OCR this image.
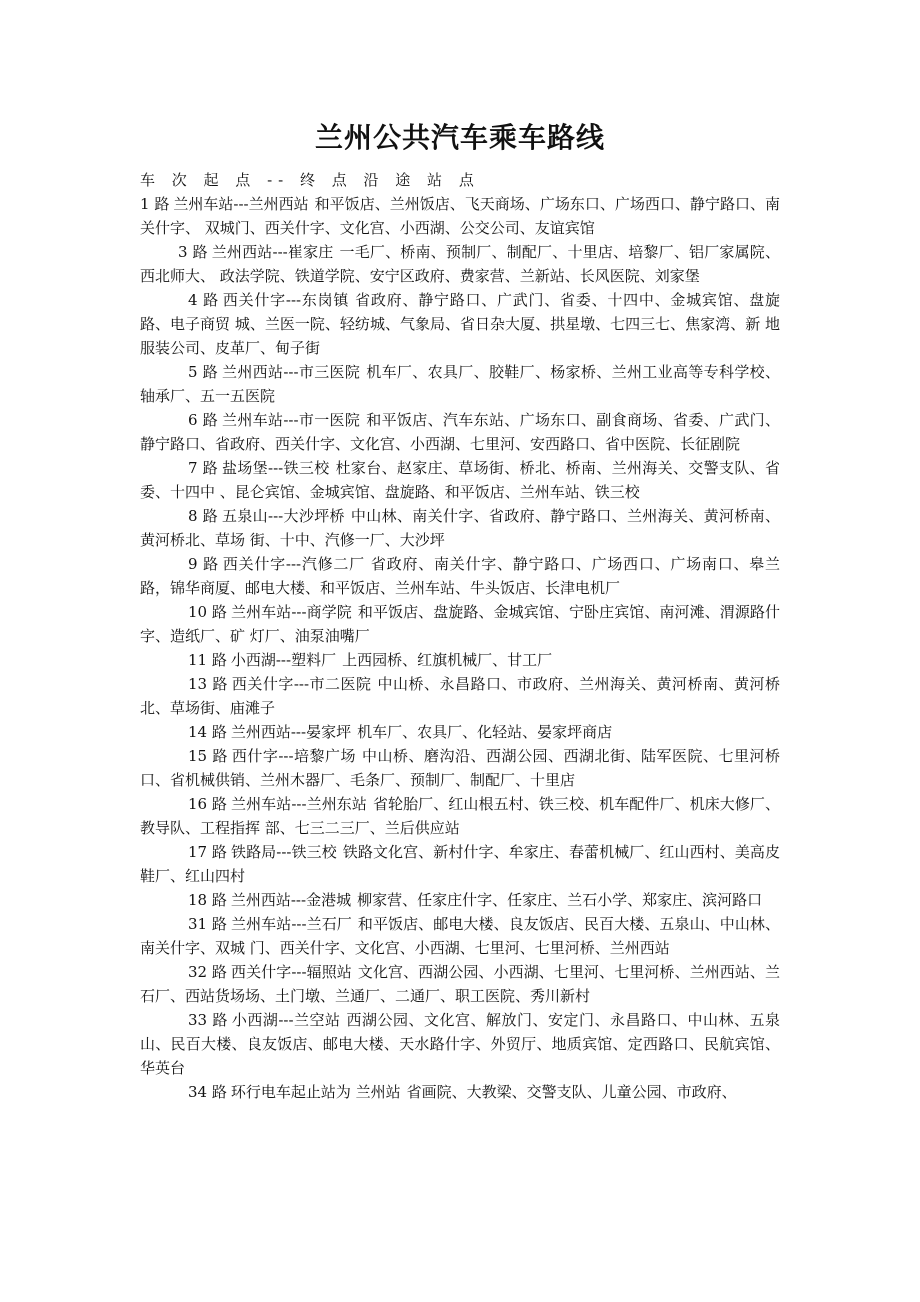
兰州公共汽车乘车路线

车 次 起 点 -- 终 点 沿 途 站 点

1 路 兰州车站---兰州西站 和平饭店、兰州饭店、飞天商场、广场东口、广场西口、静宁路口、南关什字、 双城门、西关什字、文化宫、小西湖、公交公司、友谊宾馆

3 路 兰州西站---崔家庄 一毛厂、桥南、预制厂、制配厂、十里店、培黎厂、铝厂家属院、西北师大、 政法学院、铁道学院、安宁区政府、费家营、兰新站、长风医院、刘家堡

4 路 西关什字---东岗镇 省政府、静宁路口、广武门、省委、十四中、金城宾馆、盘旋路、电子商贸 城、兰医一院、轻纺城、气象局、省日杂大厦、拱星墩、七四三七、焦家湾、新 地服装公司、皮革厂、甸子街

5 路 兰州西站---市三医院 机车厂、农具厂、胶鞋厂、杨家桥、兰州工业高等专科学校、轴承厂、五一五医院

6 路 兰州车站---市一医院 和平饭店、汽车东站、广场东口、副食商场、省委、广武门、静宁路口、省政府、西关什字、文化宫、小西湖、七里河、安西路口、省中医院、长征剧院

7 路 盐场堡---铁三校 杜家台、赵家庄、草场街、桥北、桥南、兰州海关、交警支队、省委、十四中 、昆仑宾馆、金城宾馆、盘旋路、和平饭店、兰州车站、铁三校

8 路 五泉山---大沙坪桥 中山林、南关什字、省政府、静宁路口、兰州海关、黄河桥南、黄河桥北、草场 街、十中、汽修一厂、大沙坪

9 路 西关什字---汽修二厂 省政府、南关什字、静宁路口、广场西口、广场南口、皋兰路，锦华商厦、邮电大楼、和平饭店、兰州车站、牛头饭店、长津电机厂

10 路 兰州车站---商学院 和平饭店、盘旋路、金城宾馆、宁卧庄宾馆、南河滩、渭源路什字、造纸厂、矿 灯厂、油泵油嘴厂

11 路 小西湖---塑料厂 上西园桥、红旗机械厂、甘工厂

13 路 西关什字---市二医院 中山桥、永昌路口、市政府、兰州海关、黄河桥南、黄河桥北、草场街、庙滩子

14 路 兰州西站---晏家坪 机车厂、农具厂、化轻站、晏家坪商店

15 路 西什字---培黎广场 中山桥、磨沟沿、西湖公园、西湖北街、陆军医院、七里河桥口、省机械供销、兰州木器厂、毛条厂、预制厂、制配厂、十里店

16 路 兰州车站---兰州东站 省轮胎厂、红山根五村、铁三校、机车配件厂、机床大修厂、教导队、工程指挥 部、七三二三厂、兰后供应站

17 路 铁路局---铁三校 铁路文化宫、新村什字、牟家庄、春蕾机械厂、红山西村、美高皮鞋厂、红山四村

18 路 兰州西站---金港城 柳家营、任家庄什字、任家庄、兰石小学、郑家庄、滨河路口

31 路 兰州车站---兰石厂 和平饭店、邮电大楼、良友饭店、民百大楼、五泉山、中山林、南关什字、双城 门、西关什字、文化宫、小西湖、七里河、七里河桥、兰州西站

32 路 西关什字---辐照站 文化宫、西湖公园、小西湖、七里河、七里河桥、兰州西站、兰石厂、西站货场场、土门墩、兰通厂、二通厂、职工医院、秀川新村

33 路 小西湖---兰空站 西湖公园、文化宫、解放门、安定门、永昌路口、中山林、五泉山、民百大楼、良友饭店、邮电大楼、天水路什字、外贸厅、地质宾馆、定西路口、民航宾馆、 华英台

34 路 环行电车起止站为 兰州站 省画院、大教梁、交警支队、儿童公园、市政府、
